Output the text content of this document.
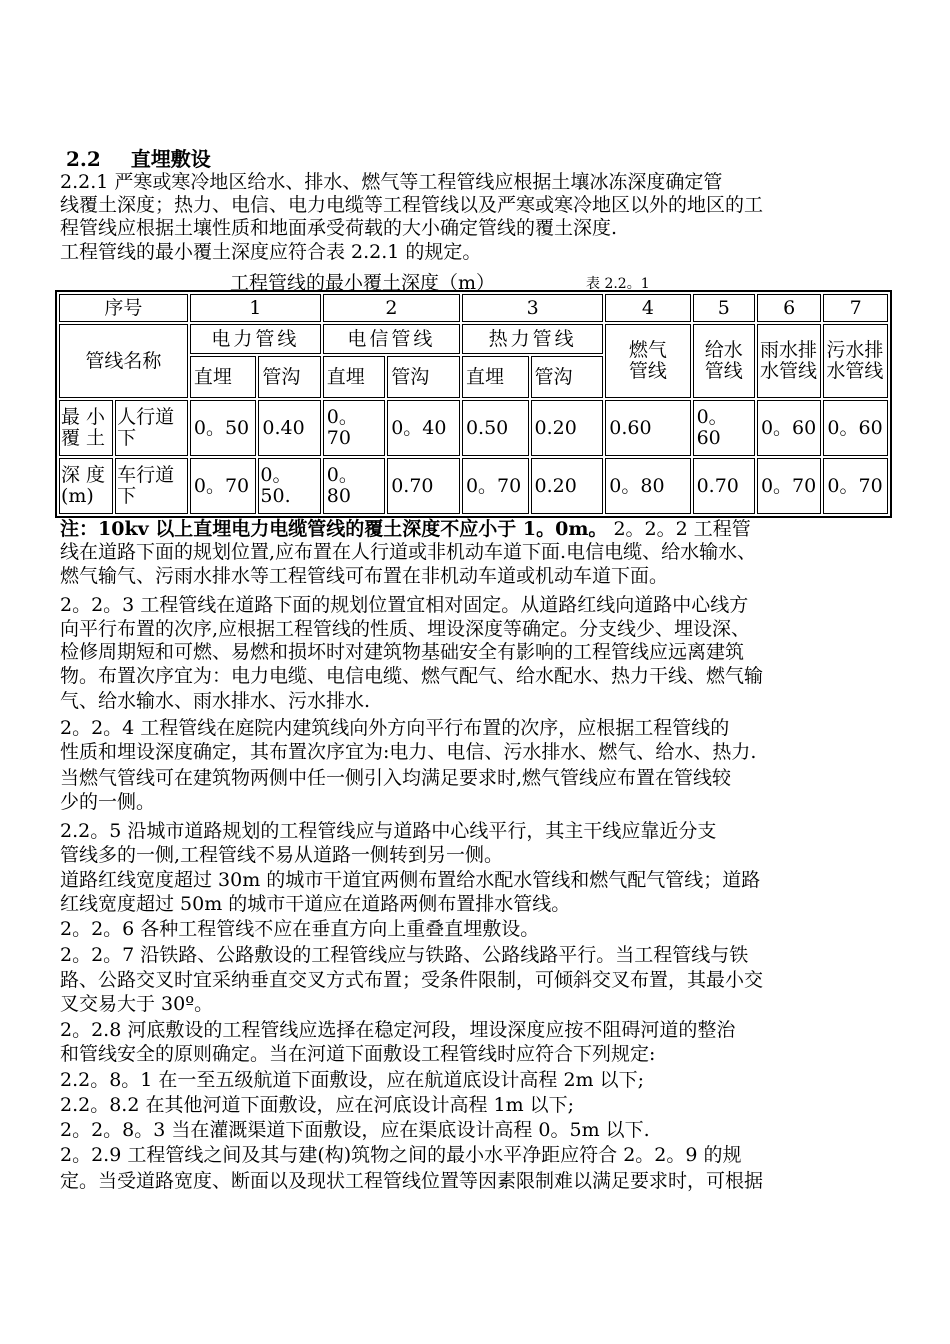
2.2 直埋敷设
2.2.1 严寒或寒冷地区给水、排水、燃气等工程管线应根据土壤冰冻深度确定管
线覆土深度；热力、电信、电力电缆等工程管线以及严寒或寒冷地区以外的地区的工
程管线应根据土壤性质和地面承受荷载的大小确定管线的覆土深度.
工程管线的最小覆土深度应符合表 2.2.1 的规定。
工程管线的最小覆土深度（m）	表 2.2。1
序号		1		2		3		4	5	6	7
管线名称		电力管线		电信管线		热力管线		燃气管线	给水管线	雨水排水管线	污水排水管线
		直埋	管沟	直埋	管沟	直埋	管沟				
最 小覆 土	人行道下	0。50	0.40	0。70	0。40	0.50	0.20	0.60	0。60	0。60	0。60
深 度(m)	车行道下	0。70	0。50.	0。80	0.70	0。70	0.20	0。80	0.70	0。70	0。70
注：10kv 以上直埋电力电缆管线的覆土深度不应小于 1。0m。 2。2。2 工程管
线在道路下面的规划位置,应布置在人行道或非机动车道下面.电信电缆、给水输水、
燃气输气、污雨水排水等工程管线可布置在非机动车道或机动车道下面。
2。2。3 工程管线在道路下面的规划位置宜相对固定。从道路红线向道路中心线方
向平行布置的次序,应根据工程管线的性质、埋设深度等确定。分支线少、埋设深、
检修周期短和可燃、易燃和损坏时对建筑物基础安全有影响的工程管线应远离建筑
物。布置次序宜为：电力电缆、电信电缆、燃气配气、给水配水、热力干线、燃气输
气、给水输水、雨水排水、污水排水.
2。2。4 工程管线在庭院内建筑线向外方向平行布置的次序，应根据工程管线的
性质和埋设深度确定，其布置次序宜为:电力、电信、污水排水、燃气、给水、热力.
当燃气管线可在建筑物两侧中任一侧引入均满足要求时,燃气管线应布置在管线较
少的一侧。
2.2。5 沿城市道路规划的工程管线应与道路中心线平行，其主干线应靠近分支
管线多的一侧,工程管线不易从道路一侧转到另一侧。
道路红线宽度超过 30m 的城市干道宜两侧布置给水配水管线和燃气配气管线；道路
红线宽度超过 50m 的城市干道应在道路两侧布置排水管线。
2。2。6 各种工程管线不应在垂直方向上重叠直埋敷设。
2。2。7 沿铁路、公路敷设的工程管线应与铁路、公路线路平行。当工程管线与铁
路、公路交叉时宜采纳垂直交叉方式布置；受条件限制，可倾斜交叉布置，其最小交
叉交易大于 30º。
2。2.8 河底敷设的工程管线应选择在稳定河段，埋设深度应按不阻碍河道的整治
和管线安全的原则确定。当在河道下面敷设工程管线时应符合下列规定:
2.2。8。1 在一至五级航道下面敷设，应在航道底设计高程 2m 以下;
2.2。8.2 在其他河道下面敷设，应在河底设计高程 1m 以下;
2。2。8。3 当在灌溉渠道下面敷设，应在渠底设计高程 0。5m 以下.
2。2.9 工程管线之间及其与建(构)筑物之间的最小水平净距应符合 2。2。9 的规
定。当受道路宽度、断面以及现状工程管线位置等因素限制难以满足要求时，可根据
